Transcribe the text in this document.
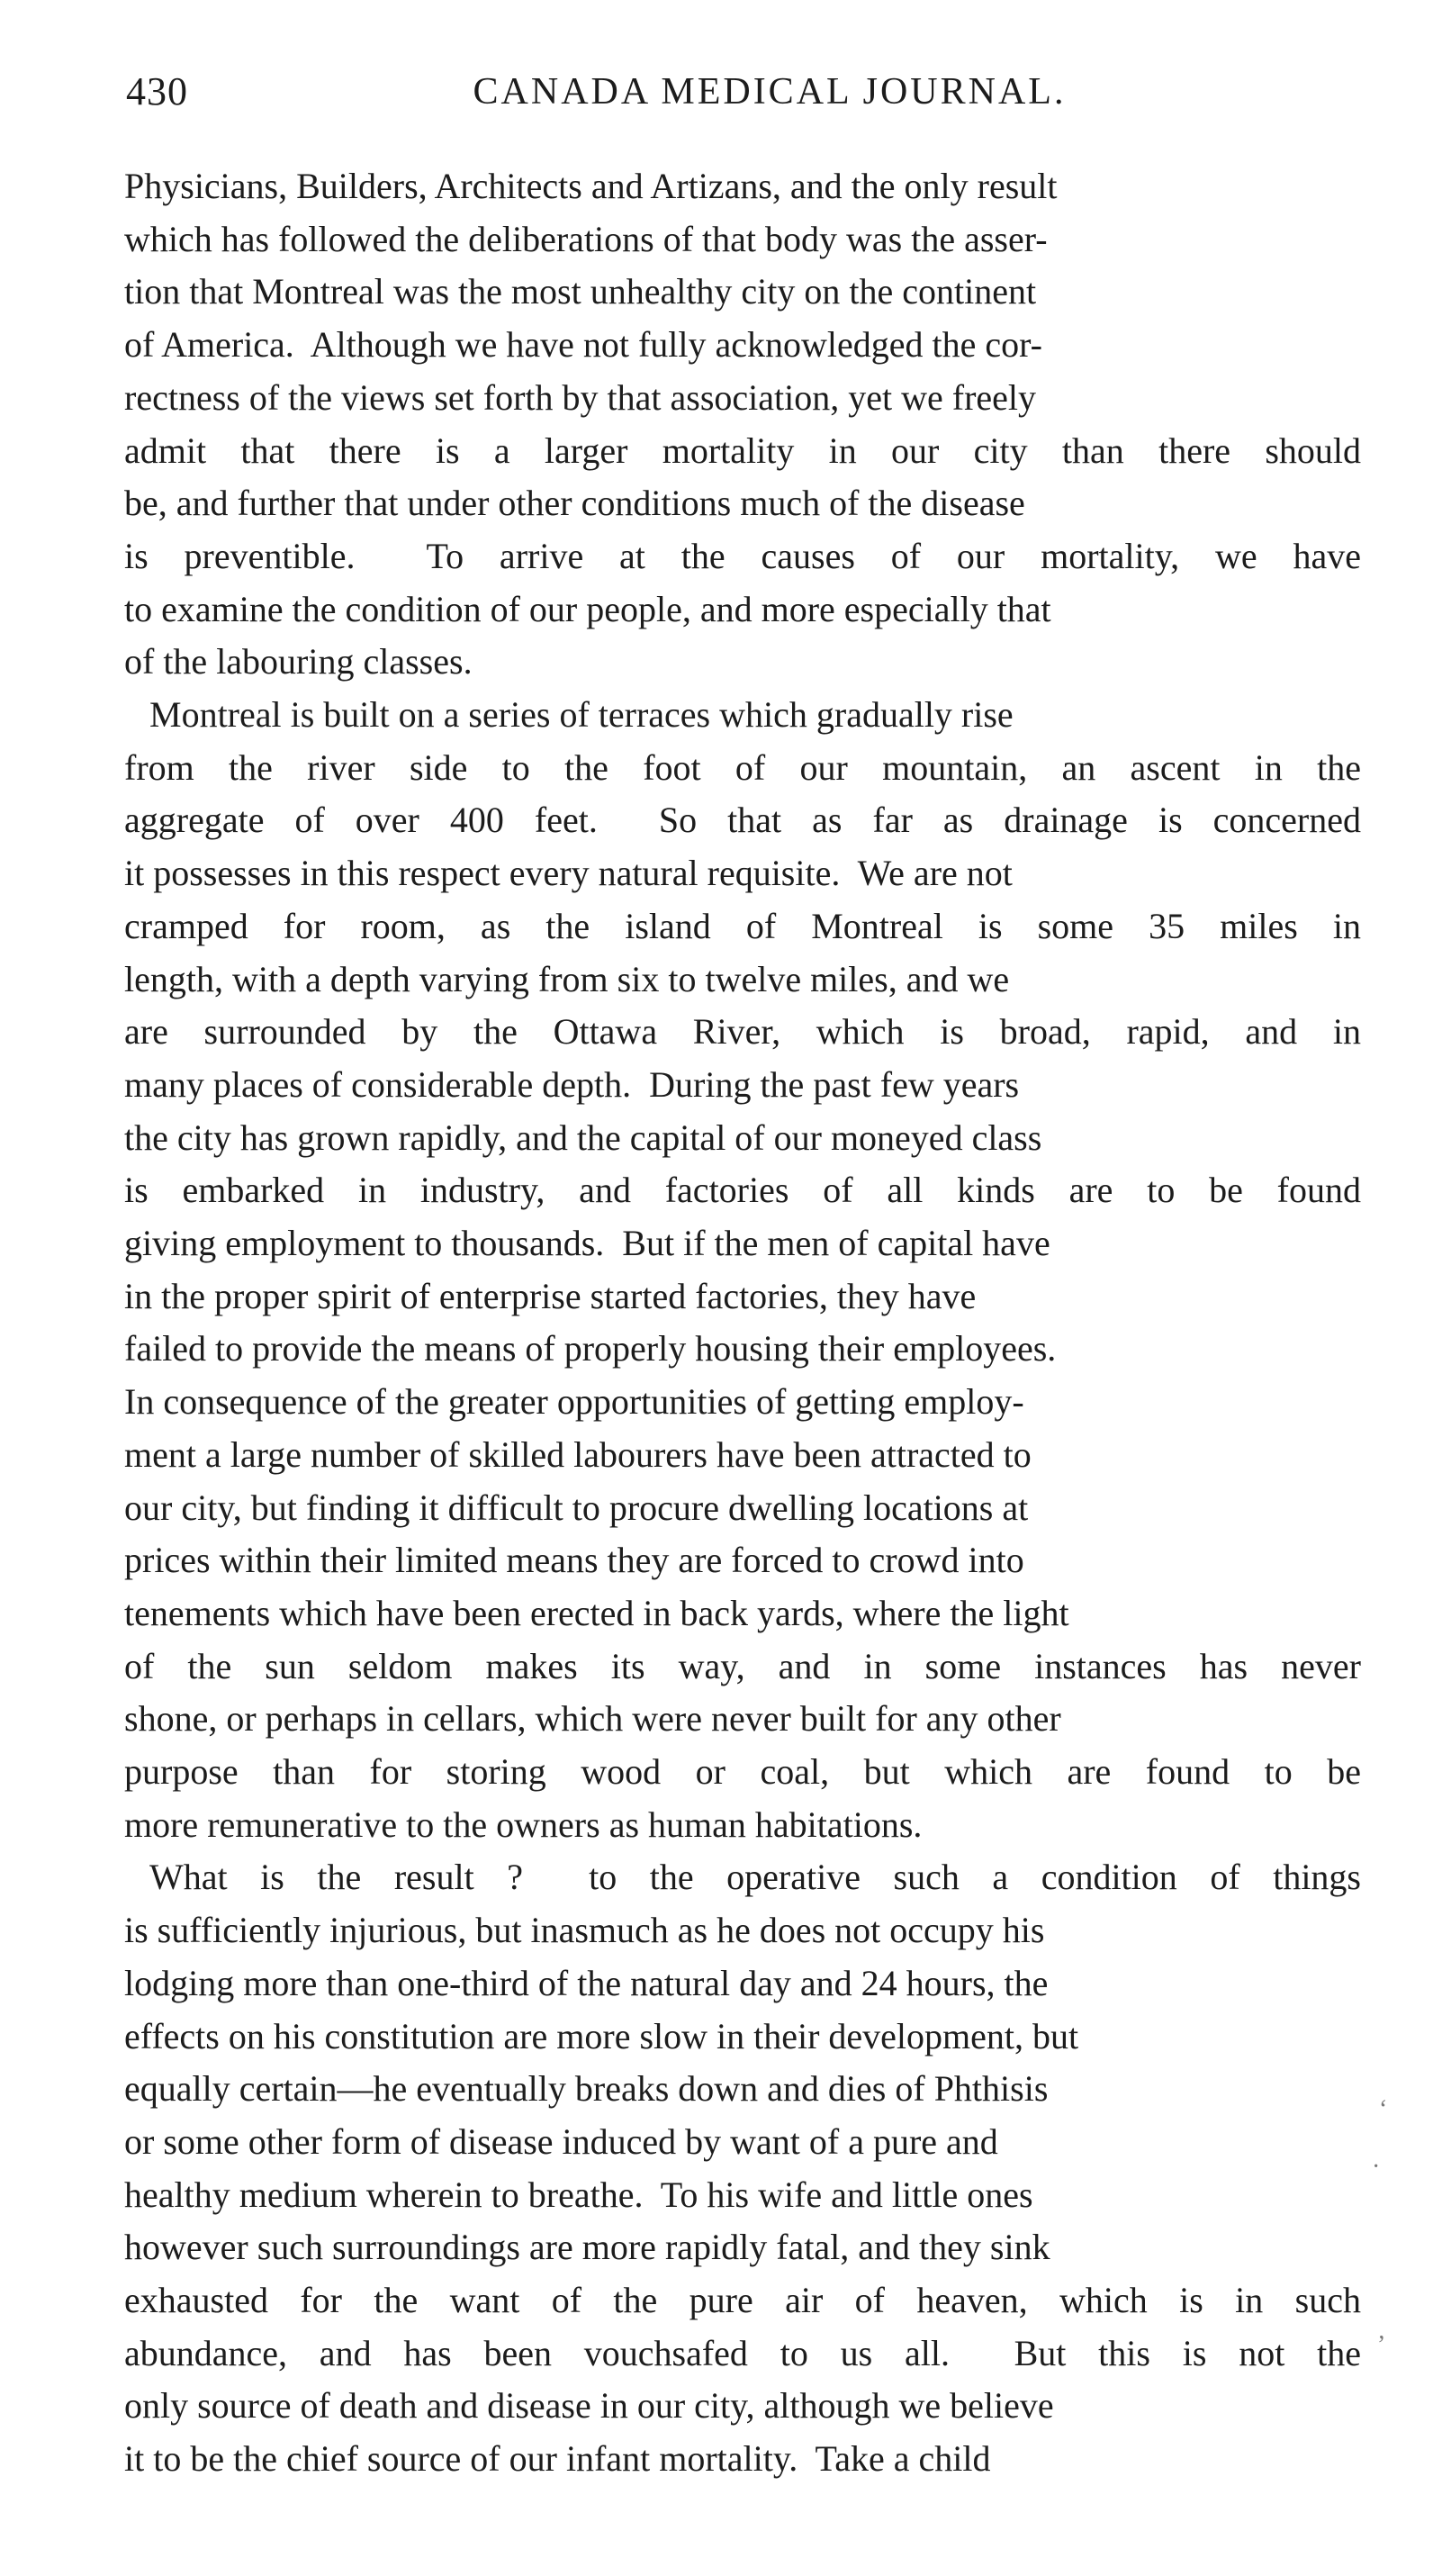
430	CANADA MEDICAL JOURNAL.
Physicians, Builders, Architects and Artizans, and the only result
which has followed the deliberations of that body was the asser-
tion that Montreal was the most unhealthy city on the continent
of America.  Although we have not fully acknowledged the cor-
rectness of the views set forth by that association, yet we freely
admit that there is a larger mortality in our city than there should
be, and further that under other conditions much of the disease
is preventible.  To arrive at the causes of our mortality, we have
to examine the condition of our people, and more especially that
of the labouring classes.
Montreal is built on a series of terraces which gradually rise
from the river side to the foot of our mountain, an ascent in the
aggregate of over 400 feet.  So that as far as drainage is concerned
it possesses in this respect every natural requisite.  We are not
cramped for room, as the island of Montreal is some 35 miles in
length, with a depth varying from six to twelve miles, and we
are surrounded by the Ottawa River, which is broad, rapid, and in
many places of considerable depth.  During the past few years
the city has grown rapidly, and the capital of our moneyed class
is embarked in industry, and factories of all kinds are to be found
giving employment to thousands.  But if the men of capital have
in the proper spirit of enterprise started factories, they have
failed to provide the means of properly housing their employees.
In consequence of the greater opportunities of getting employ-
ment a large number of skilled labourers have been attracted to
our city, but finding it difficult to procure dwelling locations at
prices within their limited means they are forced to crowd into
tenements which have been erected in back yards, where the light
of the sun seldom makes its way, and in some instances has never
shone, or perhaps in cellars, which were never built for any other
purpose than for storing wood or coal, but which are found to be
more remunerative to the owners as human habitations.
What is the result ?  to the operative such a condition of things
is sufficiently injurious, but inasmuch as he does not occupy his
lodging more than one-third of the natural day and 24 hours, the
effects on his constitution are more slow in their development, but
equally certain—he eventually breaks down and dies of Phthisis
or some other form of disease induced by want of a pure and
healthy medium wherein to breathe.  To his wife and little ones
however such surroundings are more rapidly fatal, and they sink
exhausted for the want of the pure air of heaven, which is in such
abundance, and has been vouchsafed to us all.  But this is not the
only source of death and disease in our city, although we believe
it to be the chief source of our infant mortality.  Take a child
ʻ
·
ʼ
